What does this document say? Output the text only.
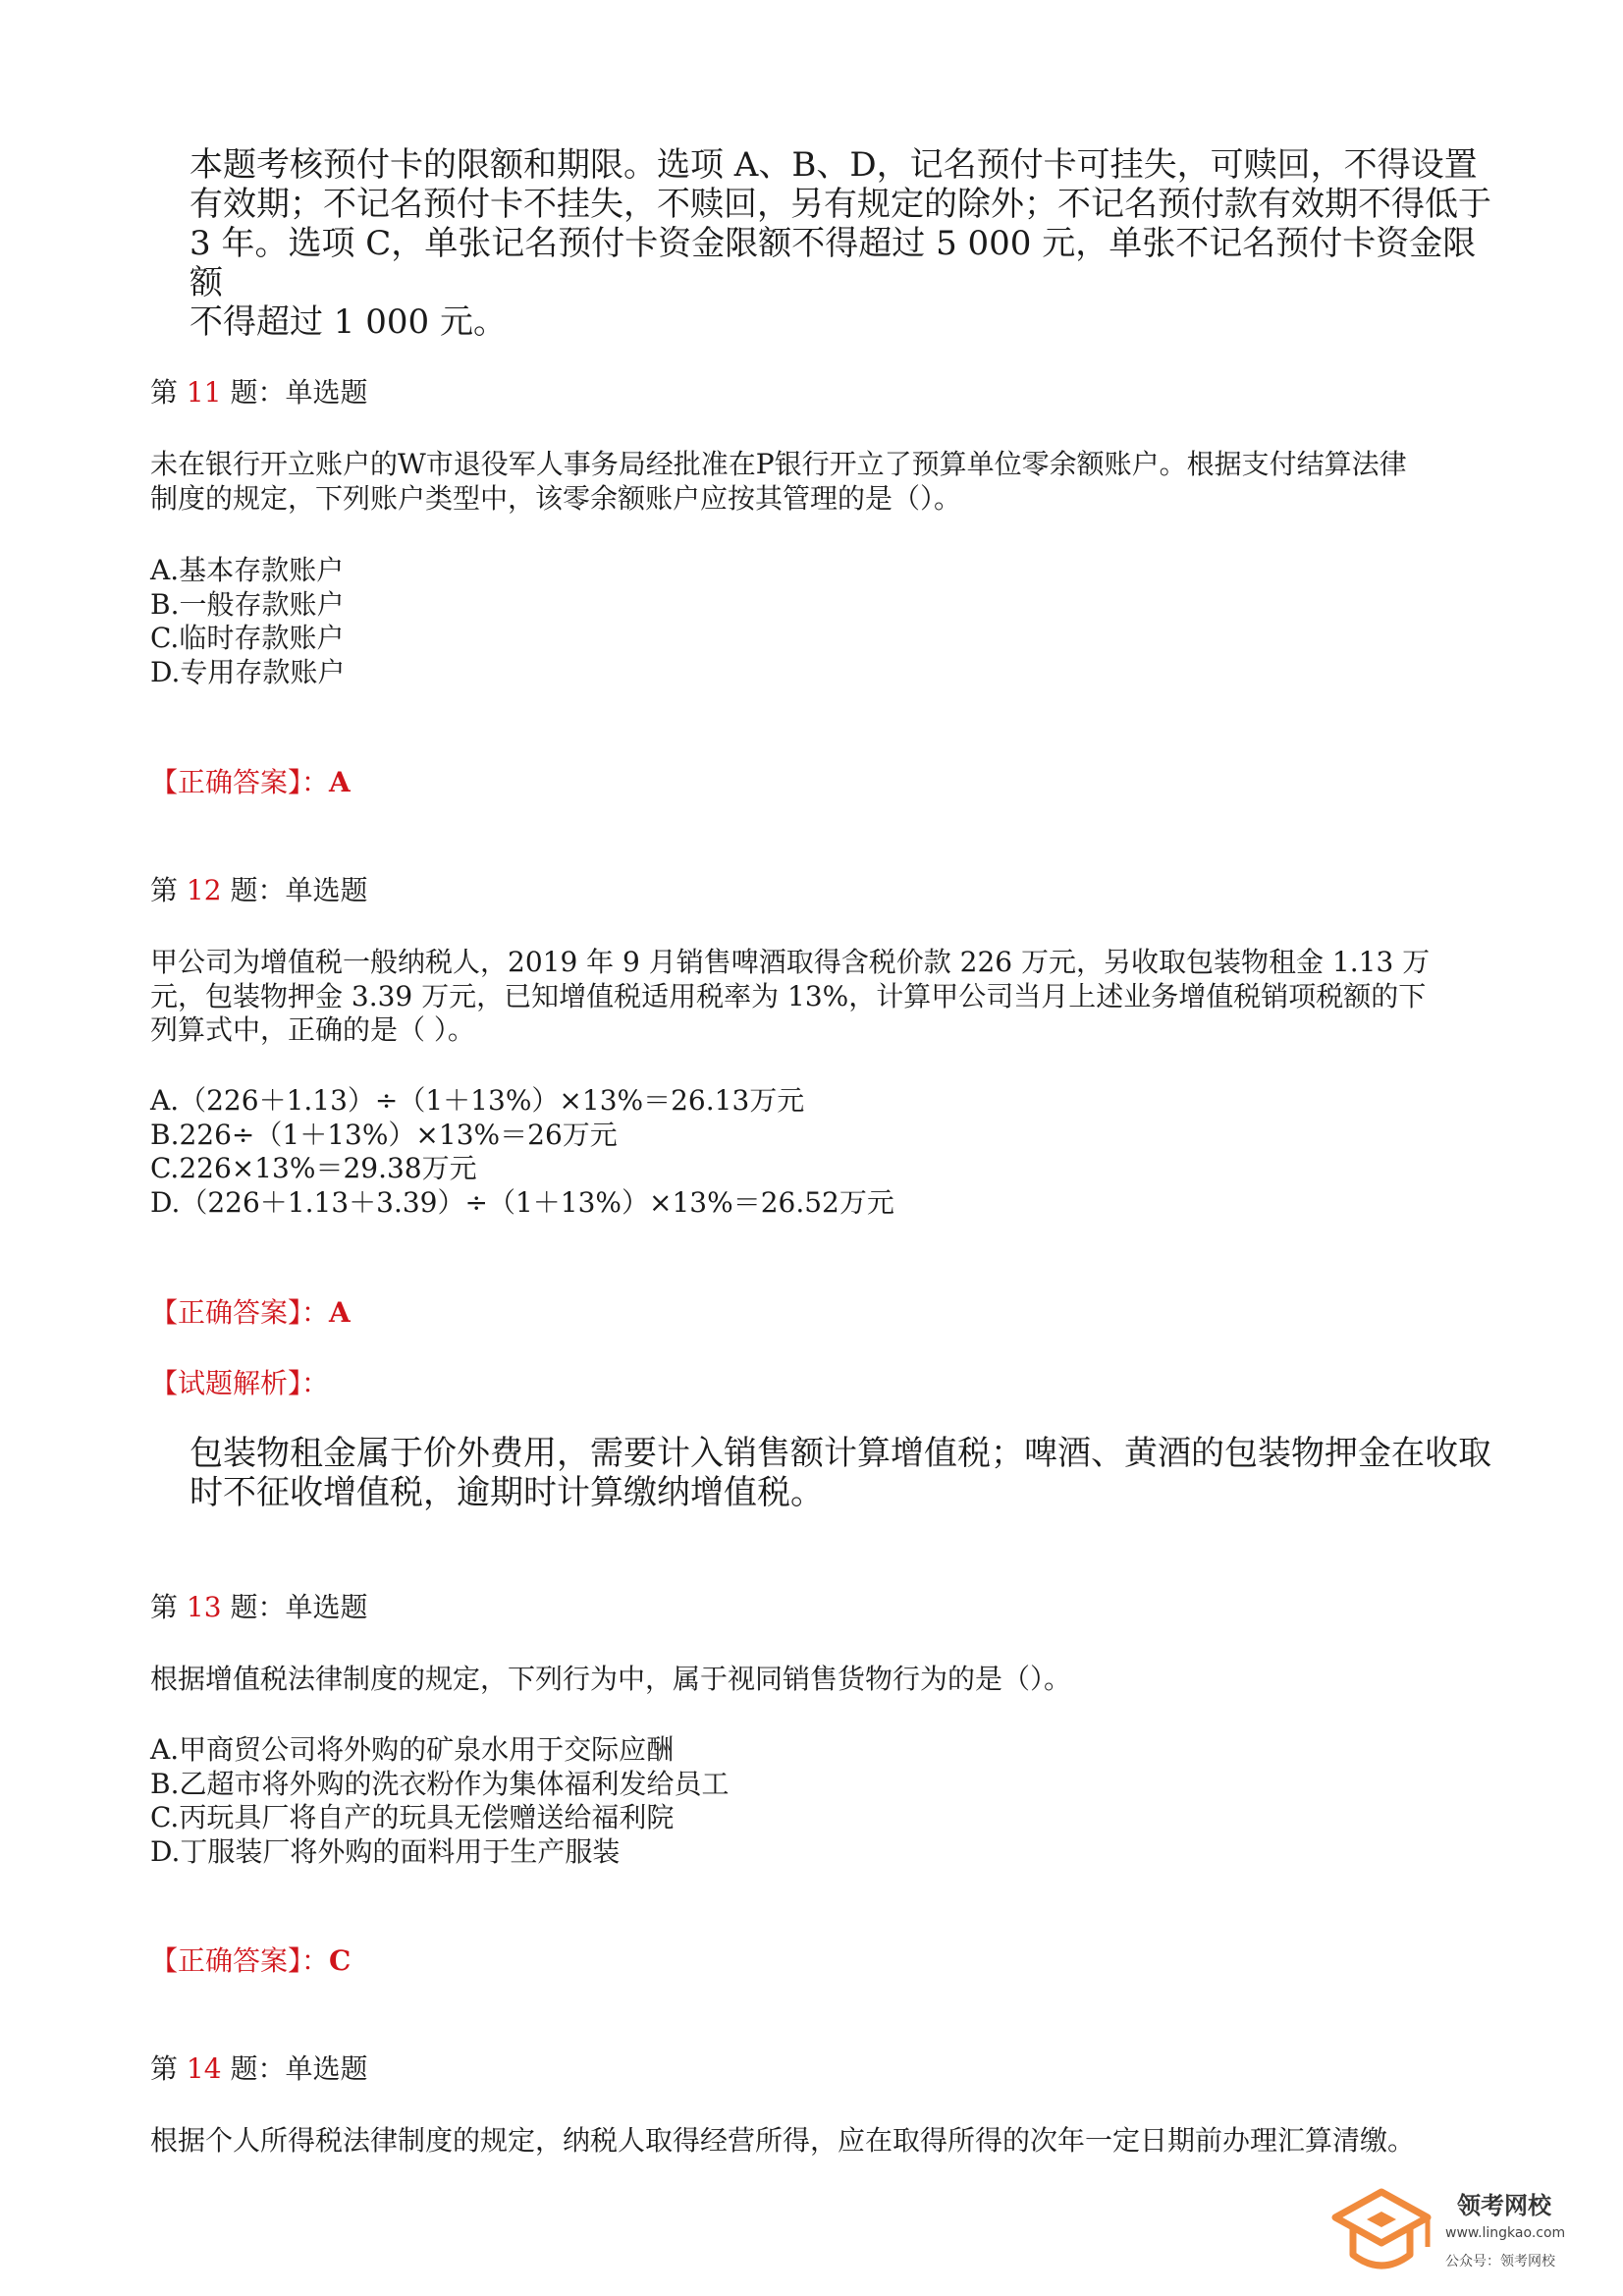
本题考核预付卡的限额和期限。选项 A、B、D，记名预付卡可挂失，可赎回，不得设置
有效期；不记名预付卡不挂失，不赎回，另有规定的除外；不记名预付款有效期不得低于
3 年。选项 C，单张记名预付卡资金限额不得超过 5 000 元，单张不记名预付卡资金限额
不得超过 1 000 元。
第 11 题：单选题
未在银行开立账户的W市退役军人事务局经批准在P银行开立了预算单位零余额账户。根据支付结算法律
制度的规定，下列账户类型中，该零余额账户应按其管理的是（）。
A.基本存款账户
B.一般存款账户
C.临时存款账户
D.专用存款账户
【正确答案】：A
第 12 题：单选题
甲公司为增值税一般纳税人，2019 年 9 月销售啤酒取得含税价款 226 万元，另收取包装物租金 1.13 万
元，包装物押金 3.39 万元，已知增值税适用税率为 13%，计算甲公司当月上述业务增值税销项税额的下
列算式中，正确的是（ ）。
A.（226＋1.13）÷（1＋13%）×13%＝26.13万元
B.226÷（1＋13%）×13%＝26万元
C.226×13%＝29.38万元
D.（226＋1.13＋3.39）÷（1＋13%）×13%＝26.52万元
【正确答案】：A
【试题解析】：
包装物租金属于价外费用，需要计入销售额计算增值税；啤酒、黄酒的包装物押金在收取
时不征收增值税，逾期时计算缴纳增值税。
第 13 题：单选题
根据增值税法律制度的规定，下列行为中，属于视同销售货物行为的是（）。
A.甲商贸公司将外购的矿泉水用于交际应酬
B.乙超市将外购的洗衣粉作为集体福利发给员工
C.丙玩具厂将自产的玩具无偿赠送给福利院
D.丁服装厂将外购的面料用于生产服装
【正确答案】：C
第 14 题：单选题
根据个人所得税法律制度的规定，纳税人取得经营所得，应在取得所得的次年一定日期前办理汇算清缴。
领考网校
www.lingkao.com
公众号：领考网校
